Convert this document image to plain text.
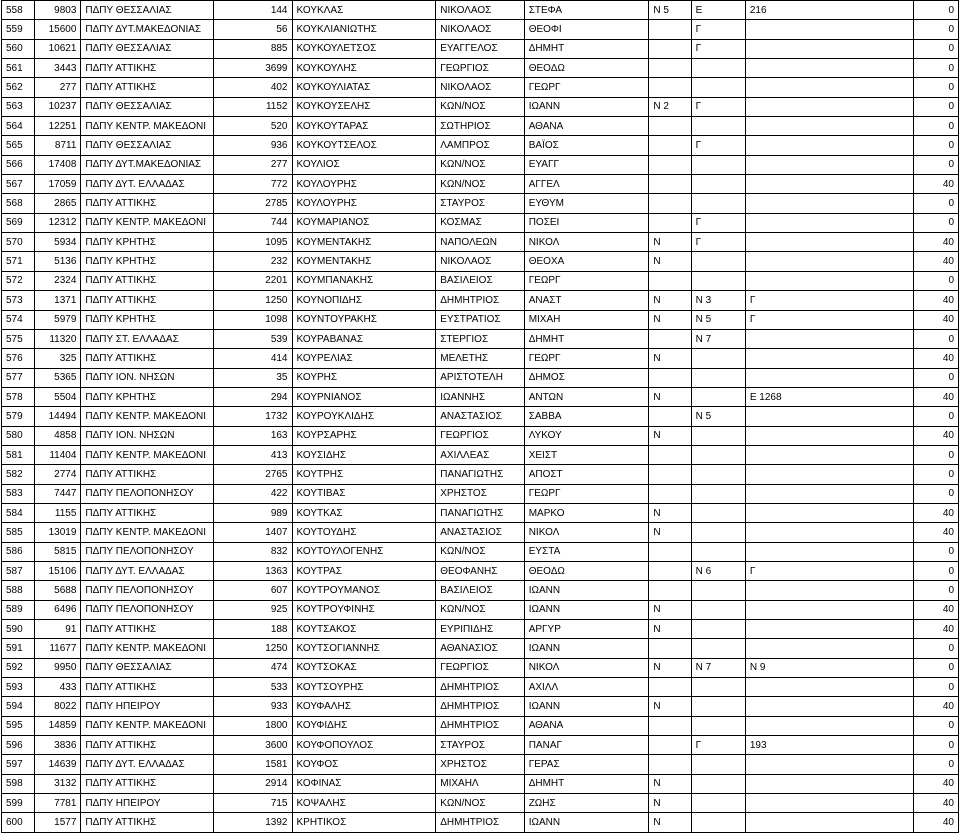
558	9803	ΠΔΠΥ ΘΕΣΣΑΛΙΑΣ	144	ΚΟΥΚΛΑΣ	ΝΙΚΟΛΑΟΣ	ΣΤΕΦΑ	Ν 5	Ε	216	0
559	15600	ΠΔΠΥ ΔΥΤ.ΜΑΚΕΔΟΝΙΑΣ	56	ΚΟΥΚΛΙΑΝΙΩΤΗΣ	ΝΙΚΟΛΑΟΣ	ΘΕΟΦΙ		Γ		0
560	10621	ΠΔΠΥ ΘΕΣΣΑΛΙΑΣ	885	ΚΟΥΚΟΥΛΕΤΣΟΣ	ΕΥΑΓΓΕΛΟΣ	ΔΗΜΗΤ		Γ		0
561	3443	ΠΔΠΥ ΑΤΤΙΚΗΣ	3699	ΚΟΥΚΟΥΛΗΣ	ΓΕΩΡΓΙΟΣ	ΘΕΟΔΩ				0
562	277	ΠΔΠΥ ΑΤΤΙΚΗΣ	402	ΚΟΥΚΟΥΛΙΑΤΑΣ	ΝΙΚΟΛΑΟΣ	ΓΕΩΡΓ				0
563	10237	ΠΔΠΥ ΘΕΣΣΑΛΙΑΣ	1152	ΚΟΥΚΟΥΣΕΛΗΣ	ΚΩΝ/ΝΟΣ	ΙΩΑΝΝ	Ν 2	Γ		0
564	12251	ΠΔΠΥ ΚΕΝΤΡ. ΜΑΚΕΔΟΝΙ	520	ΚΟΥΚΟΥΤΑΡΑΣ	ΣΩΤΗΡΙΟΣ	ΑΘΑΝΑ				0
565	8711	ΠΔΠΥ ΘΕΣΣΑΛΙΑΣ	936	ΚΟΥΚΟΥΤΣΕΛΟΣ	ΛΑΜΠΡΟΣ	ΒΑΪΟΣ		Γ		0
566	17408	ΠΔΠΥ ΔΥΤ.ΜΑΚΕΔΟΝΙΑΣ	277	ΚΟΥΛΙΟΣ	ΚΩΝ/ΝΟΣ	ΕΥΑΓΓ				0
567	17059	ΠΔΠΥ ΔΥΤ. ΕΛΛΑΔΑΣ	772	ΚΟΥΛΟΥΡΗΣ	ΚΩΝ/ΝΟΣ	ΑΓΓΕΛ				40
568	2865	ΠΔΠΥ ΑΤΤΙΚΗΣ	2785	ΚΟΥΛΟΥΡΗΣ	ΣΤΑΥΡΟΣ	ΕΥΘΥΜ				0
569	12312	ΠΔΠΥ ΚΕΝΤΡ. ΜΑΚΕΔΟΝΙ	744	ΚΟΥΜΑΡΙΑΝΟΣ	ΚΟΣΜΑΣ	ΠΟΣΕΙ		Γ		0
570	5934	ΠΔΠΥ ΚΡΗΤΗΣ	1095	ΚΟΥΜΕΝΤΑΚΗΣ	ΝΑΠΟΛΕΩΝ	ΝΙΚΟΛ	Ν	Γ		40
571	5136	ΠΔΠΥ ΚΡΗΤΗΣ	232	ΚΟΥΜΕΝΤΑΚΗΣ	ΝΙΚΟΛΑΟΣ	ΘΕΟΧΑ	Ν			40
572	2324	ΠΔΠΥ ΑΤΤΙΚΗΣ	2201	ΚΟΥΜΠΑΝΑΚΗΣ	ΒΑΣΙΛΕΙΟΣ	ΓΕΩΡΓ				0
573	1371	ΠΔΠΥ ΑΤΤΙΚΗΣ	1250	ΚΟΥΝΟΠΙΔΗΣ	ΔΗΜΗΤΡΙΟΣ	ΑΝΑΣΤ	Ν	Ν 3	Γ	40
574	5979	ΠΔΠΥ ΚΡΗΤΗΣ	1098	ΚΟΥΝΤΟΥΡΑΚΗΣ	ΕΥΣΤΡΑΤΙΟΣ	ΜΙΧΑΗ	Ν	Ν 5	Γ	40
575	11320	ΠΔΠΥ ΣΤ. ΕΛΛΑΔΑΣ	539	ΚΟΥΡΑΒΑΝΑΣ	ΣΤΕΡΓΙΟΣ	ΔΗΜΗΤ		Ν 7		0
576	325	ΠΔΠΥ ΑΤΤΙΚΗΣ	414	ΚΟΥΡΕΛΙΑΣ	ΜΕΛΕΤΗΣ	ΓΕΩΡΓ	Ν			40
577	5365	ΠΔΠΥ ΙΟΝ. ΝΗΣΩΝ	35	ΚΟΥΡΗΣ	ΑΡΙΣΤΟΤΕΛΗ	ΔΗΜΟΣ				0
578	5504	ΠΔΠΥ ΚΡΗΤΗΣ	294	ΚΟΥΡΝΙΑΝΟΣ	ΙΩΑΝΝΗΣ	ΑΝΤΩΝ	Ν		Ε 1268	40
579	14494	ΠΔΠΥ ΚΕΝΤΡ. ΜΑΚΕΔΟΝΙ	1732	ΚΟΥΡΟΥΚΛΙΔΗΣ	ΑΝΑΣΤΑΣΙΟΣ	ΣΑΒΒΑ		Ν 5		0
580	4858	ΠΔΠΥ ΙΟΝ. ΝΗΣΩΝ	163	ΚΟΥΡΣΑΡΗΣ	ΓΕΩΡΓΙΟΣ	ΛΥΚΟΥ	Ν			40
581	11404	ΠΔΠΥ ΚΕΝΤΡ. ΜΑΚΕΔΟΝΙ	413	ΚΟΥΣΙΔΗΣ	ΑΧΙΛΛΕΑΣ	ΧΕΙΣΤ				0
582	2774	ΠΔΠΥ ΑΤΤΙΚΗΣ	2765	ΚΟΥΤΡΗΣ	ΠΑΝΑΓΙΩΤΗΣ	ΑΠΟΣΤ				0
583	7447	ΠΔΠΥ ΠΕΛΟΠΟΝΗΣΟΥ	422	ΚΟΥΤΙΒΑΣ	ΧΡΗΣΤΟΣ	ΓΕΩΡΓ				0
584	1155	ΠΔΠΥ ΑΤΤΙΚΗΣ	989	ΚΟΥΤΚΑΣ	ΠΑΝΑΓΙΩΤΗΣ	ΜΑΡΚΟ	Ν			40
585	13019	ΠΔΠΥ ΚΕΝΤΡ. ΜΑΚΕΔΟΝΙ	1407	ΚΟΥΤΟΥΔΗΣ	ΑΝΑΣΤΑΣΙΟΣ	ΝΙΚΟΛ	Ν			40
586	5815	ΠΔΠΥ ΠΕΛΟΠΟΝΗΣΟΥ	832	ΚΟΥΤΟΥΛΟΓΕΝΗΣ	ΚΩΝ/ΝΟΣ	ΕΥΣΤΑ				0
587	15106	ΠΔΠΥ ΔΥΤ. ΕΛΛΑΔΑΣ	1363	ΚΟΥΤΡΑΣ	ΘΕΟΦΑΝΗΣ	ΘΕΟΔΩ		Ν 6	Γ	0
588	5688	ΠΔΠΥ ΠΕΛΟΠΟΝΗΣΟΥ	607	ΚΟΥΤΡΟΥΜΑΝΟΣ	ΒΑΣΙΛΕΙΟΣ	ΙΩΑΝΝ				0
589	6496	ΠΔΠΥ ΠΕΛΟΠΟΝΗΣΟΥ	925	ΚΟΥΤΡΟΥΦΙΝΗΣ	ΚΩΝ/ΝΟΣ	ΙΩΑΝΝ	Ν			40
590	91	ΠΔΠΥ ΑΤΤΙΚΗΣ	188	ΚΟΥΤΣΑΚΟΣ	ΕΥΡΙΠΙΔΗΣ	ΑΡΓΥΡ	Ν			40
591	11677	ΠΔΠΥ ΚΕΝΤΡ. ΜΑΚΕΔΟΝΙ	1250	ΚΟΥΤΣΟΓΙΑΝΝΗΣ	ΑΘΑΝΑΣΙΟΣ	ΙΩΑΝΝ				0
592	9950	ΠΔΠΥ ΘΕΣΣΑΛΙΑΣ	474	ΚΟΥΤΣΟΚΑΣ	ΓΕΩΡΓΙΟΣ	ΝΙΚΟΛ	Ν	Ν 7	Ν 9	0
593	433	ΠΔΠΥ ΑΤΤΙΚΗΣ	533	ΚΟΥΤΣΟΥΡΗΣ	ΔΗΜΗΤΡΙΟΣ	ΑΧΙΛΛ				0
594	8022	ΠΔΠΥ ΗΠΕΙΡΟΥ	933	ΚΟΥΦΑΛΗΣ	ΔΗΜΗΤΡΙΟΣ	ΙΩΑΝΝ	Ν			40
595	14859	ΠΔΠΥ ΚΕΝΤΡ. ΜΑΚΕΔΟΝΙ	1800	ΚΟΥΦΙΔΗΣ	ΔΗΜΗΤΡΙΟΣ	ΑΘΑΝΑ				0
596	3836	ΠΔΠΥ ΑΤΤΙΚΗΣ	3600	ΚΟΥΦΟΠΟΥΛΟΣ	ΣΤΑΥΡΟΣ	ΠΑΝΑΓ		Γ	193	0
597	14639	ΠΔΠΥ ΔΥΤ. ΕΛΛΑΔΑΣ	1581	ΚΟΥΦΟΣ	ΧΡΗΣΤΟΣ	ΓΕΡΑΣ				0
598	3132	ΠΔΠΥ ΑΤΤΙΚΗΣ	2914	ΚΟΦΙΝΑΣ	ΜΙΧΑΗΛ	ΔΗΜΗΤ	Ν			40
599	7781	ΠΔΠΥ ΗΠΕΙΡΟΥ	715	ΚΟΨΑΛΗΣ	ΚΩΝ/ΝΟΣ	ΖΩΗΣ	Ν			40
600	1577	ΠΔΠΥ ΑΤΤΙΚΗΣ	1392	ΚΡΗΤΙΚΟΣ	ΔΗΜΗΤΡΙΟΣ	ΙΩΑΝΝ	Ν			40
